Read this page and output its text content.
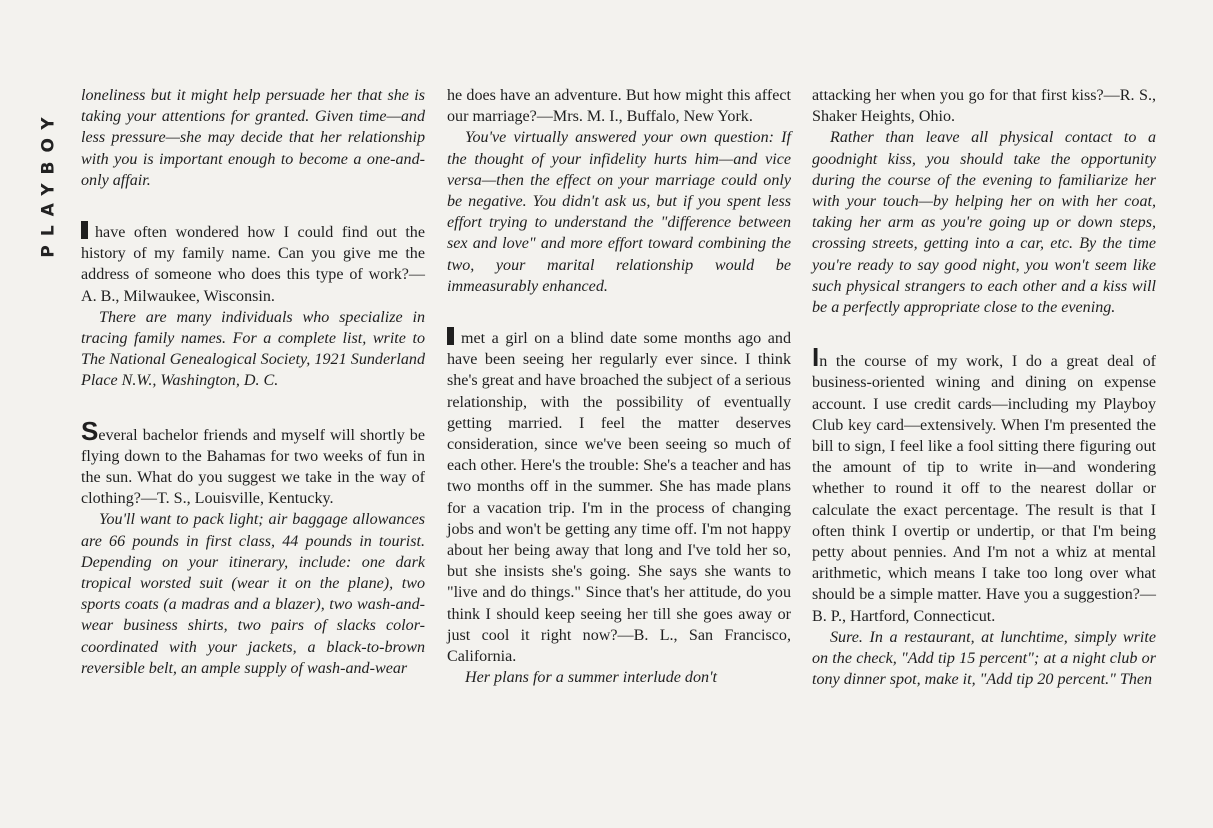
PLAYBOY

loneliness but it might help persuade her that she is taking your attentions for granted. Given time—and less pressure—she may decide that her relationship with you is important enough to become a one-and-only affair.

have often wondered how I could find out the history of my family name. Can you give me the address of someone who does this type of work?—A. B., Milwaukee, Wisconsin.

There are many individuals who specialize in tracing family names. For a complete list, write to The National Genealogical Society, 1921 Sunderland Place N.W., Washington, D. C.

Several bachelor friends and myself will shortly be flying down to the Bahamas for two weeks of fun in the sun. What do you suggest we take in the way of clothing?—T. S., Louisville, Kentucky.

You'll want to pack light; air baggage allowances are 66 pounds in first class, 44 pounds in tourist. Depending on your itinerary, include: one dark tropical worsted suit (wear it on the plane), two sports coats (a madras and a blazer), two wash-and-wear business shirts, two pairs of slacks color-coordinated with your jackets, a black-to-brown reversible belt, an ample supply of wash-and-wear

he does have an adventure. But how might this affect our marriage?—Mrs. M. I., Buffalo, New York.

You've virtually answered your own question: If the thought of your infidelity hurts him—and vice versa—then the effect on your marriage could only be negative. You didn't ask us, but if you spent less effort trying to understand the "difference between sex and love" and more effort toward combining the two, your marital relationship would be immeasurably enhanced.

met a girl on a blind date some months ago and have been seeing her regularly ever since. I think she's great and have broached the subject of a serious relationship, with the possibility of eventually getting married. I feel the matter deserves consideration, since we've been seeing so much of each other. Here's the trouble: She's a teacher and has two months off in the summer. She has made plans for a vacation trip. I'm in the process of changing jobs and won't be getting any time off. I'm not happy about her being away that long and I've told her so, but she insists she's going. She says she wants to "live and do things." Since that's her attitude, do you think I should keep seeing her till she goes away or just cool it right now?—B. L., San Francisco, California.

Her plans for a summer interlude don't

attacking her when you go for that first kiss?—R. S., Shaker Heights, Ohio.

Rather than leave all physical contact to a goodnight kiss, you should take the opportunity during the course of the evening to familiarize her with your touch—by helping her on with her coat, taking her arm as you're going up or down steps, crossing streets, getting into a car, etc. By the time you're ready to say good night, you won't seem like such physical strangers to each other and a kiss will be a perfectly appropriate close to the evening.

In the course of my work, I do a great deal of business-oriented wining and dining on expense account. I use credit cards—including my Playboy Club key card—extensively. When I'm presented the bill to sign, I feel like a fool sitting there figuring out the amount of tip to write in—and wondering whether to round it off to the nearest dollar or calculate the exact percentage. The result is that I often think I overtip or undertip, or that I'm being petty about pennies. And I'm not a whiz at mental arithmetic, which means I take too long over what should be a simple matter. Have you a suggestion?—B. P., Hartford, Connecticut.

Sure. In a restaurant, at lunchtime, simply write on the check, "Add tip 15 percent"; at a night club or tony dinner spot, make it, "Add tip 20 percent." Then
